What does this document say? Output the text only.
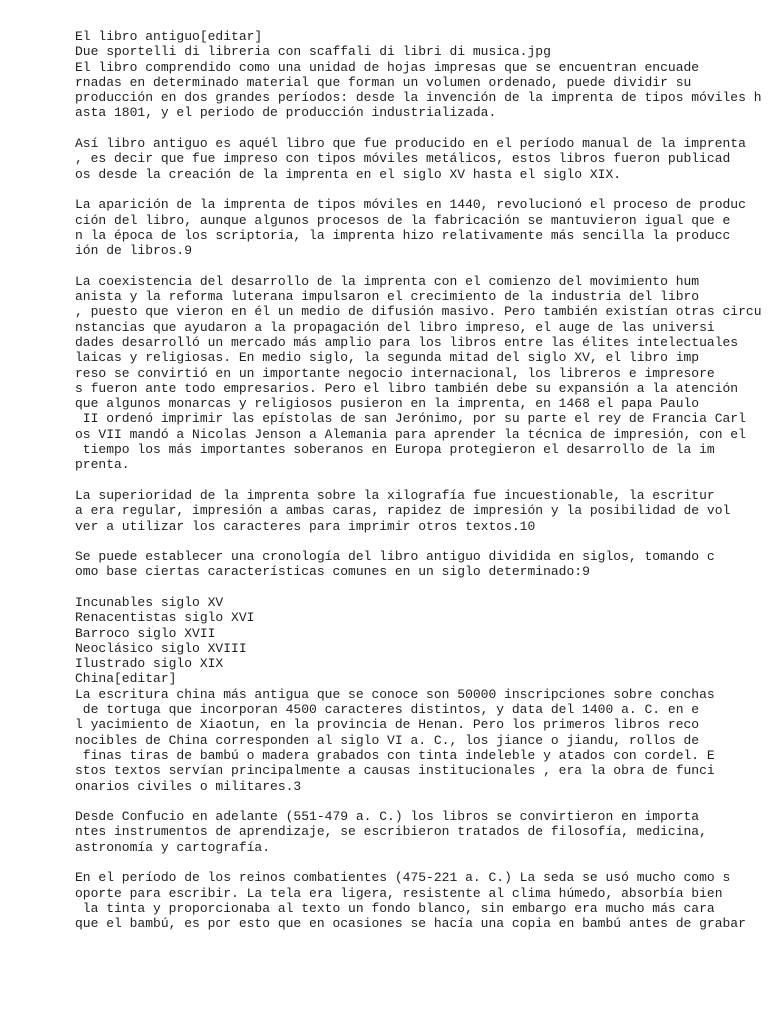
El libro antiguo[editar]
Due sportelli di libreria con scaffali di libri di musica.jpg
El libro comprendido como una unidad de hojas impresas que se encuentran encuade
rnadas en determinado material que forman un volumen ordenado, puede dividir su
producción en dos grandes períodos: desde la invención de la imprenta de tipos móviles h
asta 1801, y el periodo de producción industrializada.
Así libro antiguo es aquél libro que fue producido en el período manual de la imprenta
, es decir que fue impreso con tipos móviles metálicos, estos libros fueron publicad
os desde la creación de la imprenta en el siglo XV hasta el siglo XIX.
La aparición de la imprenta de tipos móviles en 1440, revolucionó el proceso de produc
ción del libro, aunque algunos procesos de la fabricación se mantuvieron igual que e
n la época de los scriptoria, la imprenta hizo relativamente más sencilla la producc
ión de libros.9
La coexistencia del desarrollo de la imprenta con el comienzo del movimiento hum
anista y la reforma luterana impulsaron el crecimiento de la industria del libro
, puesto que vieron en él un medio de difusión masivo. Pero también existían otras circu
nstancias que ayudaron a la propagación del libro impreso, el auge de las universi
dades desarrolló un mercado más amplio para los libros entre las élites intelectuales
laicas y religiosas. En medio siglo, la segunda mitad del siglo XV, el libro imp
reso se convirtió en un importante negocio internacional, los libreros e impresore
s fueron ante todo empresarios. Pero el libro también debe su expansión a la atención
que algunos monarcas y religiosos pusieron en la imprenta, en 1468 el papa Paulo
II ordenó imprimir las epístolas de san Jerónimo, por su parte el rey de Francia Carl
os VII mandó a Nicolas Jenson a Alemania para aprender la técnica de impresión, con el
tiempo los más importantes soberanos en Europa protegieron el desarrollo de la im
prenta.
La superioridad de la imprenta sobre la xilografía fue incuestionable, la escritur
a era regular, impresión a ambas caras, rapidez de impresión y la posibilidad de vol
ver a utilizar los caracteres para imprimir otros textos.10
Se puede establecer una cronología del libro antiguo dividida en siglos, tomando c
omo base ciertas características comunes en un siglo determinado:9
Incunables siglo XV
Renacentistas siglo XVI
Barroco siglo XVII
Neoclásico siglo XVIII
Ilustrado siglo XIX
China[editar]
La escritura china más antigua que se conoce son 50000 inscripciones sobre conchas
de tortuga que incorporan 4500 caracteres distintos, y data del 1400 a. C. en e
l yacimiento de Xiaotun, en la provincia de Henan. Pero los primeros libros reco
nocibles de China corresponden al siglo VI a. C., los jiance o jiandu, rollos de
finas tiras de bambú o madera grabados con tinta indeleble y atados con cordel. E
stos textos servían principalmente a causas institucionales , era la obra de funci
onarios civiles o militares.3
Desde Confucio en adelante (551-479 a. C.) los libros se convirtieron en importa
ntes instrumentos de aprendizaje, se escribieron tratados de filosofía, medicina,
astronomía y cartografía.
En el período de los reinos combatientes (475-221 a. C.) La seda se usó mucho como s
oporte para escribir. La tela era ligera, resistente al clima húmedo, absorbía bien
la tinta y proporcionaba al texto un fondo blanco, sin embargo era mucho más cara
que el bambú, es por esto que en ocasiones se hacía una copia en bambú antes de grabar
